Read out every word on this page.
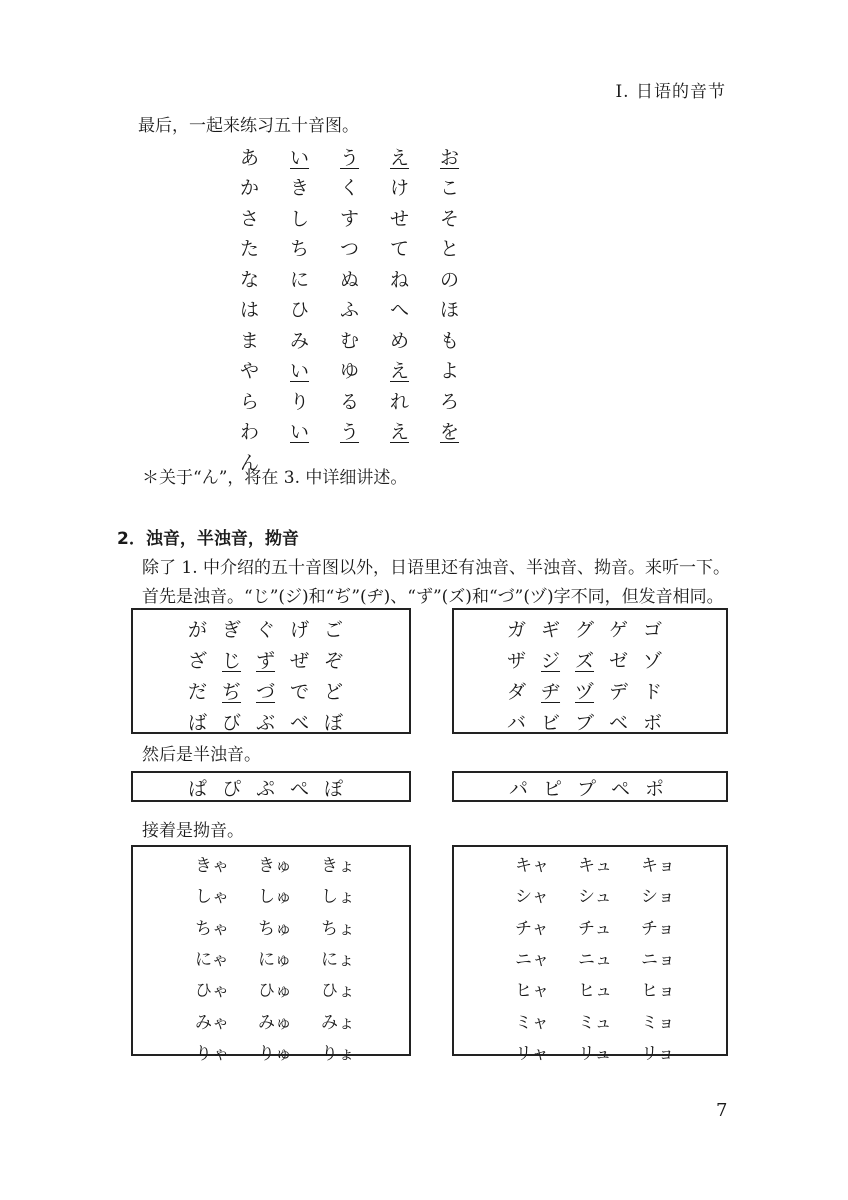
Ⅰ. 日语的音节
最后，一起来练习五十音图。
あ	い	う	え	お
か	き	く	け	こ
さ	し	す	せ	そ
た	ち	つ	て	と
な	に	ぬ	ね	の
は	ひ	ふ	へ	ほ
ま	み	む	め	も
や	い	ゆ	え	よ
ら	り	る	れ	ろ
わ	い	う	え	を
ん
＊关于“ん”，将在 3. 中详细讲述。
2．浊音，半浊音，拗音
除了 1. 中介绍的五十音图以外，日语里还有浊音、半浊音、拗音。来听一下。
首先是浊音。“じ”(ジ)和“ぢ”(ヂ)、“ず”(ズ)和“づ”(ヅ)字不同，但发音相同。
が ぎ ぐ げ ご
ざ じ ず ぜ ぞ
だ ぢ づ で ど
ば び ぶ べ ぼ
ガ ギ グ ゲ ゴ
ザ ジ ズ ゼ ゾ
ダ ヂ ヅ デ ド
バ ビ ブ ベ ボ
然后是半浊音。
ぱ ぴ ぷ ぺ ぽ	パ ピ プ ペ ポ
接着是拗音。
きゃ	きゅ	きょ
しゃ	しゅ	しょ
ちゃ	ちゅ	ちょ
にゃ	にゅ	にょ
ひゃ	ひゅ	ひょ
みゃ	みゅ	みょ
りゃ	りゅ	りょ
キャ	キュ	キョ
シャ	シュ	ショ
チャ	チュ	チョ
ニャ	ニュ	ニョ
ヒャ	ヒュ	ヒョ
ミャ	ミュ	ミョ
リャ	リュ	リョ
7
